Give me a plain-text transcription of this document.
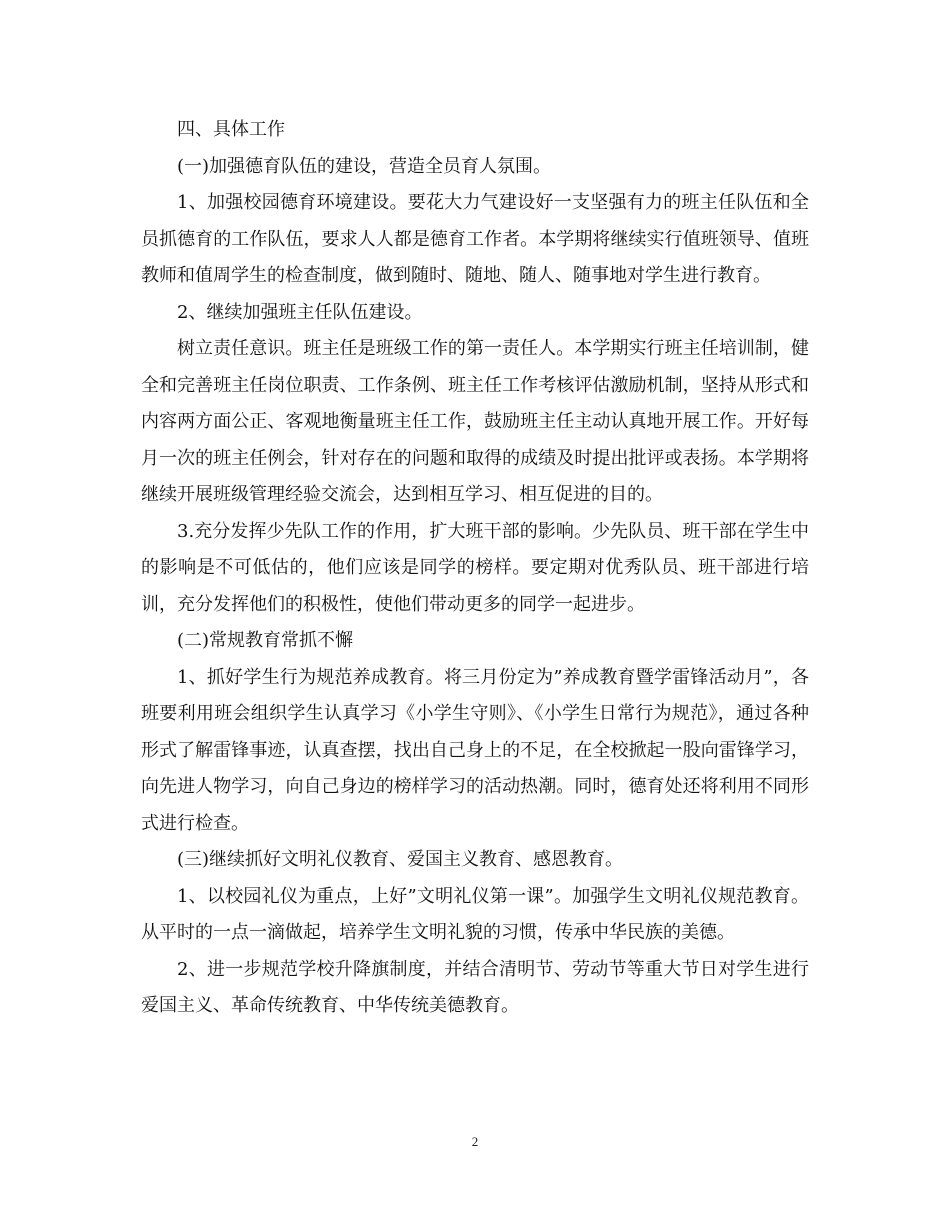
四、具体工作

(一)加强德育队伍的建设，营造全员育人氛围。

1、加强校园德育环境建设。要花大力气建设好一支坚强有力的班主任队伍和全员抓德育的工作队伍，要求人人都是德育工作者。本学期将继续实行值班领导、值班教师和值周学生的检查制度，做到随时、随地、随人、随事地对学生进行教育。

2、继续加强班主任队伍建设。

树立责任意识。班主任是班级工作的第一责任人。本学期实行班主任培训制，健全和完善班主任岗位职责、工作条例、班主任工作考核评估激励机制，坚持从形式和内容两方面公正、客观地衡量班主任工作，鼓励班主任主动认真地开展工作。开好每月一次的班主任例会，针对存在的问题和取得的成绩及时提出批评或表扬。本学期将继续开展班级管理经验交流会，达到相互学习、相互促进的目的。

3.充分发挥少先队工作的作用，扩大班干部的影响。少先队员、班干部在学生中的影响是不可低估的，他们应该是同学的榜样。要定期对优秀队员、班干部进行培训，充分发挥他们的积极性，使他们带动更多的同学一起进步。

(二)常规教育常抓不懈

1、抓好学生行为规范养成教育。将三月份定为”养成教育暨学雷锋活动月”，各班要利用班会组织学生认真学习《小学生守则》、《小学生日常行为规范》，通过各种形式了解雷锋事迹，认真查摆，找出自己身上的不足，在全校掀起一股向雷锋学习，向先进人物学习，向自己身边的榜样学习的活动热潮。同时，德育处还将利用不同形式进行检查。

(三)继续抓好文明礼仪教育、爱国主义教育、感恩教育。

1、以校园礼仪为重点，上好”文明礼仪第一课”。加强学生文明礼仪规范教育。从平时的一点一滴做起，培养学生文明礼貌的习惯，传承中华民族的美德。

2、进一步规范学校升降旗制度，并结合清明节、劳动节等重大节日对学生进行爱国主义、革命传统教育、中华传统美德教育。

2
